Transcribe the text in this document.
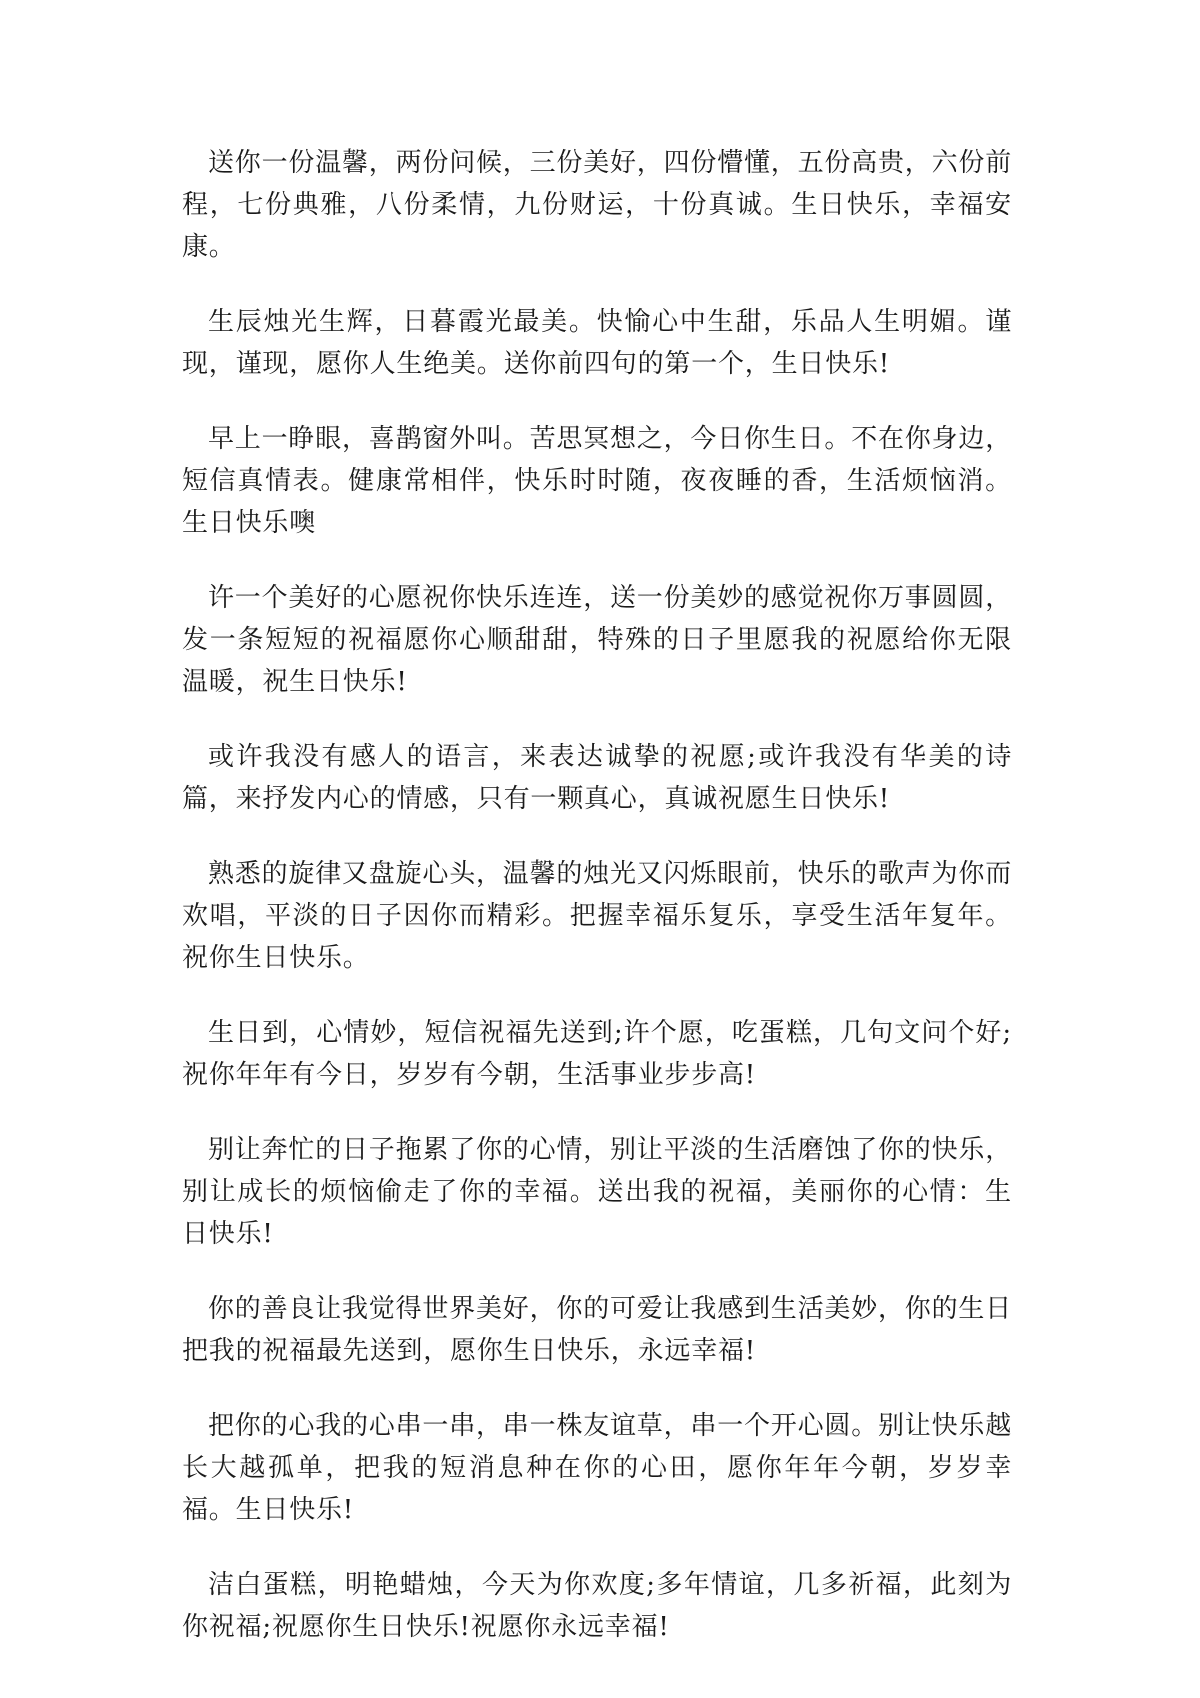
送你一份温馨，两份问候，三份美好，四份懵懂，五份高贵，六份前程，七份典雅，八份柔情，九份财运，十份真诚。生日快乐，幸福安康。

生辰烛光生辉，日暮霞光最美。快愉心中生甜，乐品人生明媚。谨现，谨现，愿你人生绝美。送你前四句的第一个，生日快乐!

早上一睁眼，喜鹊窗外叫。苦思冥想之，今日你生日。不在你身边，短信真情表。健康常相伴，快乐时时随，夜夜睡的香，生活烦恼消。生日快乐噢

许一个美好的心愿祝你快乐连连，送一份美妙的感觉祝你万事圆圆，发一条短短的祝福愿你心顺甜甜，特殊的日子里愿我的祝愿给你无限温暖，祝生日快乐!

或许我没有感人的语言，来表达诚挚的祝愿;或许我没有华美的诗篇，来抒发内心的情感，只有一颗真心，真诚祝愿生日快乐!

熟悉的旋律又盘旋心头，温馨的烛光又闪烁眼前，快乐的歌声为你而欢唱，平淡的日子因你而精彩。把握幸福乐复乐，享受生活年复年。祝你生日快乐。

生日到，心情妙，短信祝福先送到;许个愿，吃蛋糕，几句文问个好;祝你年年有今日，岁岁有今朝，生活事业步步高!

别让奔忙的日子拖累了你的心情，别让平淡的生活磨蚀了你的快乐，别让成长的烦恼偷走了你的幸福。送出我的祝福，美丽你的心情：生日快乐!

你的善良让我觉得世界美好，你的可爱让我感到生活美妙，你的生日把我的祝福最先送到，愿你生日快乐，永远幸福!

把你的心我的心串一串，串一株友谊草，串一个开心圆。别让快乐越长大越孤单，把我的短消息种在你的心田，愿你年年今朝，岁岁幸福。生日快乐!

洁白蛋糕，明艳蜡烛，今天为你欢度;多年情谊，几多祈福，此刻为你祝福;祝愿你生日快乐!祝愿你永远幸福!
